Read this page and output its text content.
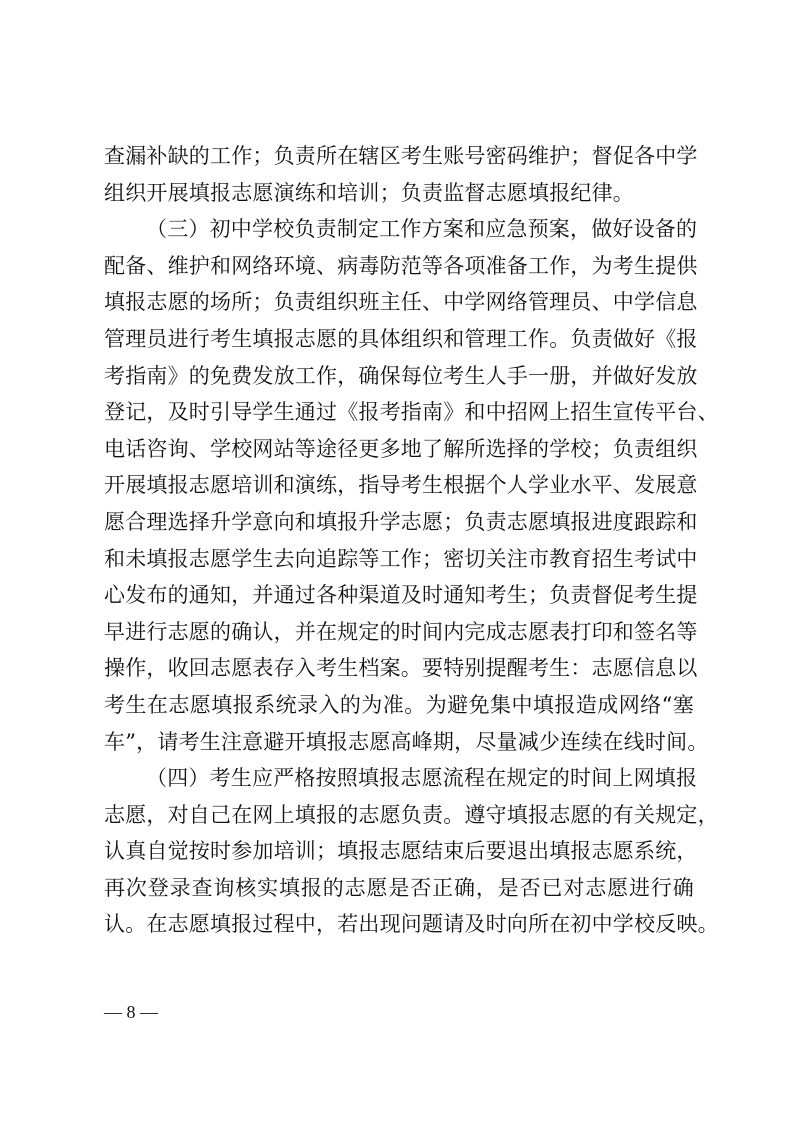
查漏补缺的工作；负责所在辖区考生账号密码维护；督促各中学
组织开展填报志愿演练和培训；负责监督志愿填报纪律。
（三）初中学校负责制定工作方案和应急预案，做好设备的
配备、维护和网络环境、病毒防范等各项准备工作，为考生提供
填报志愿的场所；负责组织班主任、中学网络管理员、中学信息
管理员进行考生填报志愿的具体组织和管理工作。负责做好《报
考指南》的免费发放工作，确保每位考生人手一册，并做好发放
登记，及时引导学生通过《报考指南》和中招网上招生宣传平台、
电话咨询、学校网站等途径更多地了解所选择的学校；负责组织
开展填报志愿培训和演练，指导考生根据个人学业水平、发展意
愿合理选择升学意向和填报升学志愿；负责志愿填报进度跟踪和
和未填报志愿学生去向追踪等工作；密切关注市教育招生考试中
心发布的通知，并通过各种渠道及时通知考生；负责督促考生提
早进行志愿的确认，并在规定的时间内完成志愿表打印和签名等
操作，收回志愿表存入考生档案。要特别提醒考生：志愿信息以
考生在志愿填报系统录入的为准。为避免集中填报造成网络“塞
车”，请考生注意避开填报志愿高峰期，尽量减少连续在线时间。
（四）考生应严格按照填报志愿流程在规定的时间上网填报
志愿，对自己在网上填报的志愿负责。遵守填报志愿的有关规定，
认真自觉按时参加培训；填报志愿结束后要退出填报志愿系统，
再次登录查询核实填报的志愿是否正确，是否已对志愿进行确
认。在志愿填报过程中，若出现问题请及时向所在初中学校反映。
— 8 —
